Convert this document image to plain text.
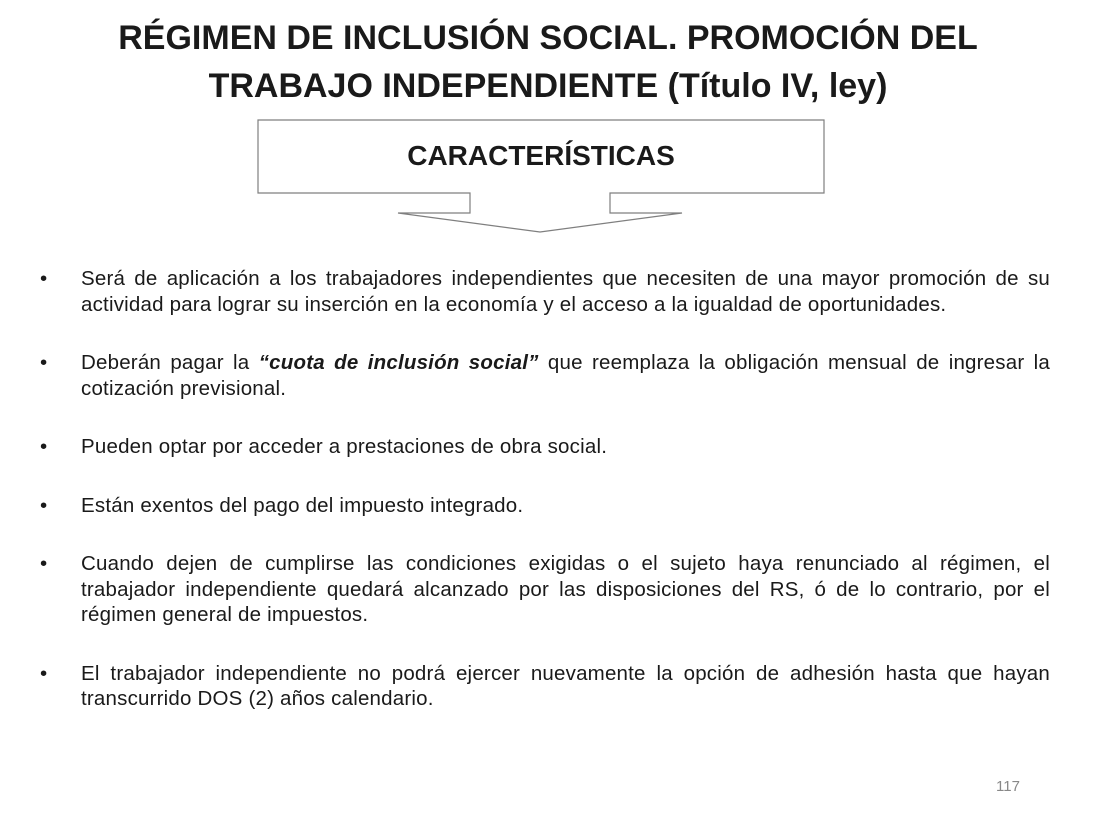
RÉGIMEN DE INCLUSIÓN SOCIAL. PROMOCIÓN DEL
TRABAJO INDEPENDIENTE (Título IV, ley)
CARACTERÍSTICAS
•	Será de aplicación a los trabajadores independientes que necesiten de una mayor promoción de su actividad para lograr su inserción en la economía y el acceso a la igualdad de oportunidades.
•	Deberán pagar la “cuota de inclusión social” que reemplaza la obligación mensual de ingresar la cotización previsional.
•	Pueden optar por acceder a prestaciones de obra social.
•	Están exentos del pago del impuesto integrado.
•	Cuando dejen de cumplirse las condiciones exigidas o el sujeto haya renunciado al régimen, el trabajador independiente quedará alcanzado por las disposiciones del RS, ó de lo contrario, por el régimen general de impuestos.
•	El trabajador independiente no podrá ejercer nuevamente la opción de adhesión hasta que hayan transcurrido DOS (2) años calendario.
117
